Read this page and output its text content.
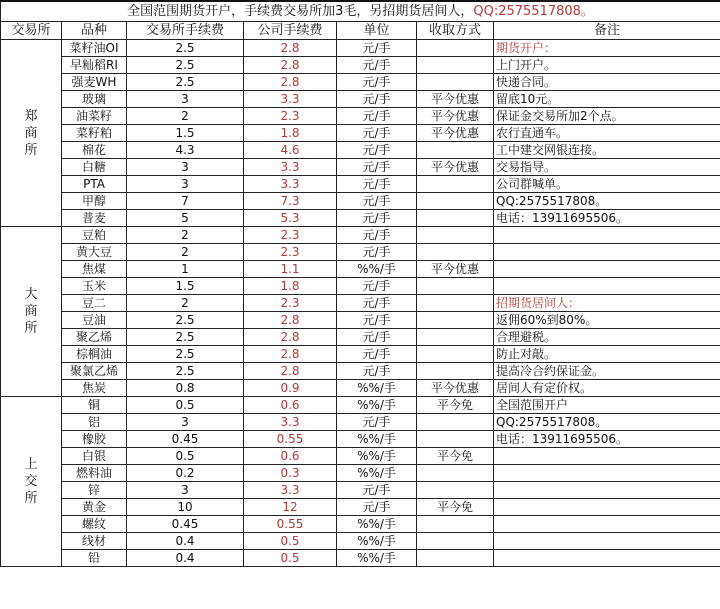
全国范围期货开户，手续费交易所加3毛，另招期货居间人，QQ:2575517808。						
交易所	品种	交易所手续费	公司手续费	单位	收取方式	备注

郑
商
所	菜籽油OI	2.5	2.8	元/手		期货开户：
	早籼稻RI	2.5	2.8	元/手		上门开户。
	强麦WH	2.5	2.8	元/手		快递合同。
	玻璃	3	3.3	元/手	平今优惠	留底10元。
	油菜籽	2	2.3	元/手	平今优惠	保证金交易所加2个点。
	菜籽粕	1.5	1.8	元/手	平今优惠	农行直通车。
	棉花	4.3	4.6	元/手		工中建交网银连接。
	白糖	3	3.3	元/手	平今优惠	交易指导。
	PTA	3	3.3	元/手		公司群喊单。
	甲醇	7	7.3	元/手		QQ:2575517808。
	普麦	5	5.3	元/手		电话：13911695506。

大
商
所	豆粕	2	2.3	元/手		
	黄大豆	2	2.3	元/手		
	焦煤	1	1.1	%%/手	平今优惠	
	玉米	1.5	1.8	元/手		
	豆二	2	2.3	元/手		招期货居间人：
	豆油	2.5	2.8	元/手		返佣60%到80%。
	聚乙烯	2.5	2.8	元/手		合理避税。
	棕榈油	2.5	2.8	元/手		防止对敲。
	聚氯乙烯	2.5	2.8	元/手		提高冷合约保证金。
	焦炭	0.8	0.9	%%/手	平今优惠	居间人有定价权。

上
交
所	铜	0.5	0.6	%%/手	平今免	全国范围开户
	铝	3	3.3	元/手		QQ:2575517808。
	橡胶	0.45	0.55	%%/手		电话：13911695506。
	白银	0.5	0.6	%%/手	平今免	
	燃料油	0.2	0.3	%%/手		
	锌	3	3.3	元/手		
	黄金	10	12	元/手	平今免	
	螺纹	0.45	0.55	%%/手		
	线材	0.4	0.5	%%/手		
	铅	0.4	0.5	%%/手		
